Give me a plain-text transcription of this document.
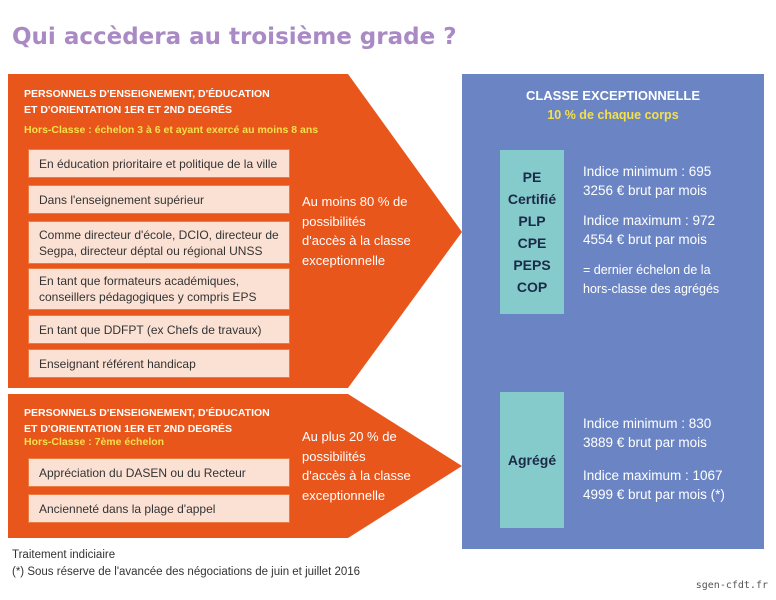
Qui accèdera au troisième grade ?
PERSONNELS D'ENSEIGNEMENT, D'ÉDUCATION
ET D'ORIENTATION 1ER ET 2ND DEGRÉS
Hors-Classe : échelon 3 à 6 et ayant exercé au moins 8 ans
En éducation prioritaire et politique de la ville
Dans l'enseignement supérieur
Comme directeur d'école, DCIO, directeur de
Segpa, directeur déptal ou régional UNSS
En tant que formateurs académiques,
conseillers pédagogiques y compris EPS
En tant que DDFPT (ex Chefs de travaux)
Enseignant référent handicap
Au moins 80 % de
possibilités
d'accès à la classe
exceptionnelle
PERSONNELS D'ENSEIGNEMENT, D'ÉDUCATION
ET D'ORIENTATION 1ER ET 2ND DEGRÉS
Hors-Classe : 7ème échelon
Appréciation du DASEN ou du Recteur
Ancienneté dans la plage d'appel
Au plus 20 % de
possibilités
d'accès à la classe
exceptionnelle
CLASSE EXCEPTIONNELLE
10 % de chaque corps
PE
Certifié
PLP
CPE
PEPS
COP
Indice minimum : 695
3256 € brut par mois
Indice maximum : 972
4554 € brut par mois
= dernier échelon de la
hors-classe des agrégés
Agrégé
Indice minimum : 830
3889 € brut par mois
Indice maximum : 1067
4999 € brut par mois (*)
Traitement indiciaire
(*) Sous réserve de l'avancée des négociations de juin et juillet 2016
sgen-cfdt.fr
